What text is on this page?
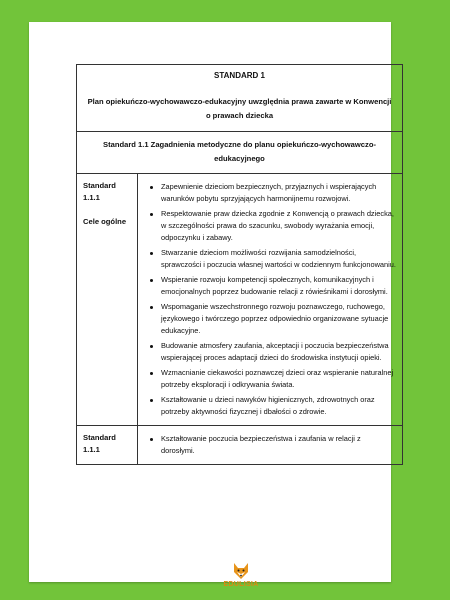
STANDARD 1
Plan opiekuńczo-wychowawczo-edukacyjny uwzględnia prawa zawarte w Konwencji o prawach dziecka
Standard 1.1 Zagadnienia metodyczne do planu opiekuńczo-wychowawczo-edukacyjnego
Standard
1.1.1
Cele ogólne
Zapewnienie dzieciom bezpiecznych, przyjaznych i wspierających warunków pobytu sprzyjających harmonijnemu rozwojowi.
Respektowanie praw dziecka zgodnie z Konwencją o prawach dziecka, w szczególności prawa do szacunku, swobody wyrażania emocji, odpoczynku i zabawy.
Stwarzanie dzieciom możliwości rozwijania samodzielności, sprawczości i poczucia własnej wartości w codziennym funkcjonowaniu.
Wspieranie rozwoju kompetencji społecznych, komunikacyjnych i emocjonalnych poprzez budowanie relacji z rówieśnikami i dorosłymi.
Wspomaganie wszechstronnego rozwoju poznawczego, ruchowego, językowego i twórczego poprzez odpowiednio organizowane sytuacje edukacyjne.
Budowanie atmosfery zaufania, akceptacji i poczucia bezpieczeństwa wspierającej proces adaptacji dzieci do środowiska instytucji opieki.
Wzmacnianie ciekawości poznawczej dzieci oraz wspieranie naturalnej potrzeby eksploracji i odkrywania świata.
Kształtowanie u dzieci nawyków higienicznych, zdrowotnych oraz potrzeby aktywności fizycznej i dbałości o zdrowie.
Standard
1.1.1
Kształtowanie poczucia bezpieczeństwa i zaufania w relacji z dorosłymi.
EDULISIA
